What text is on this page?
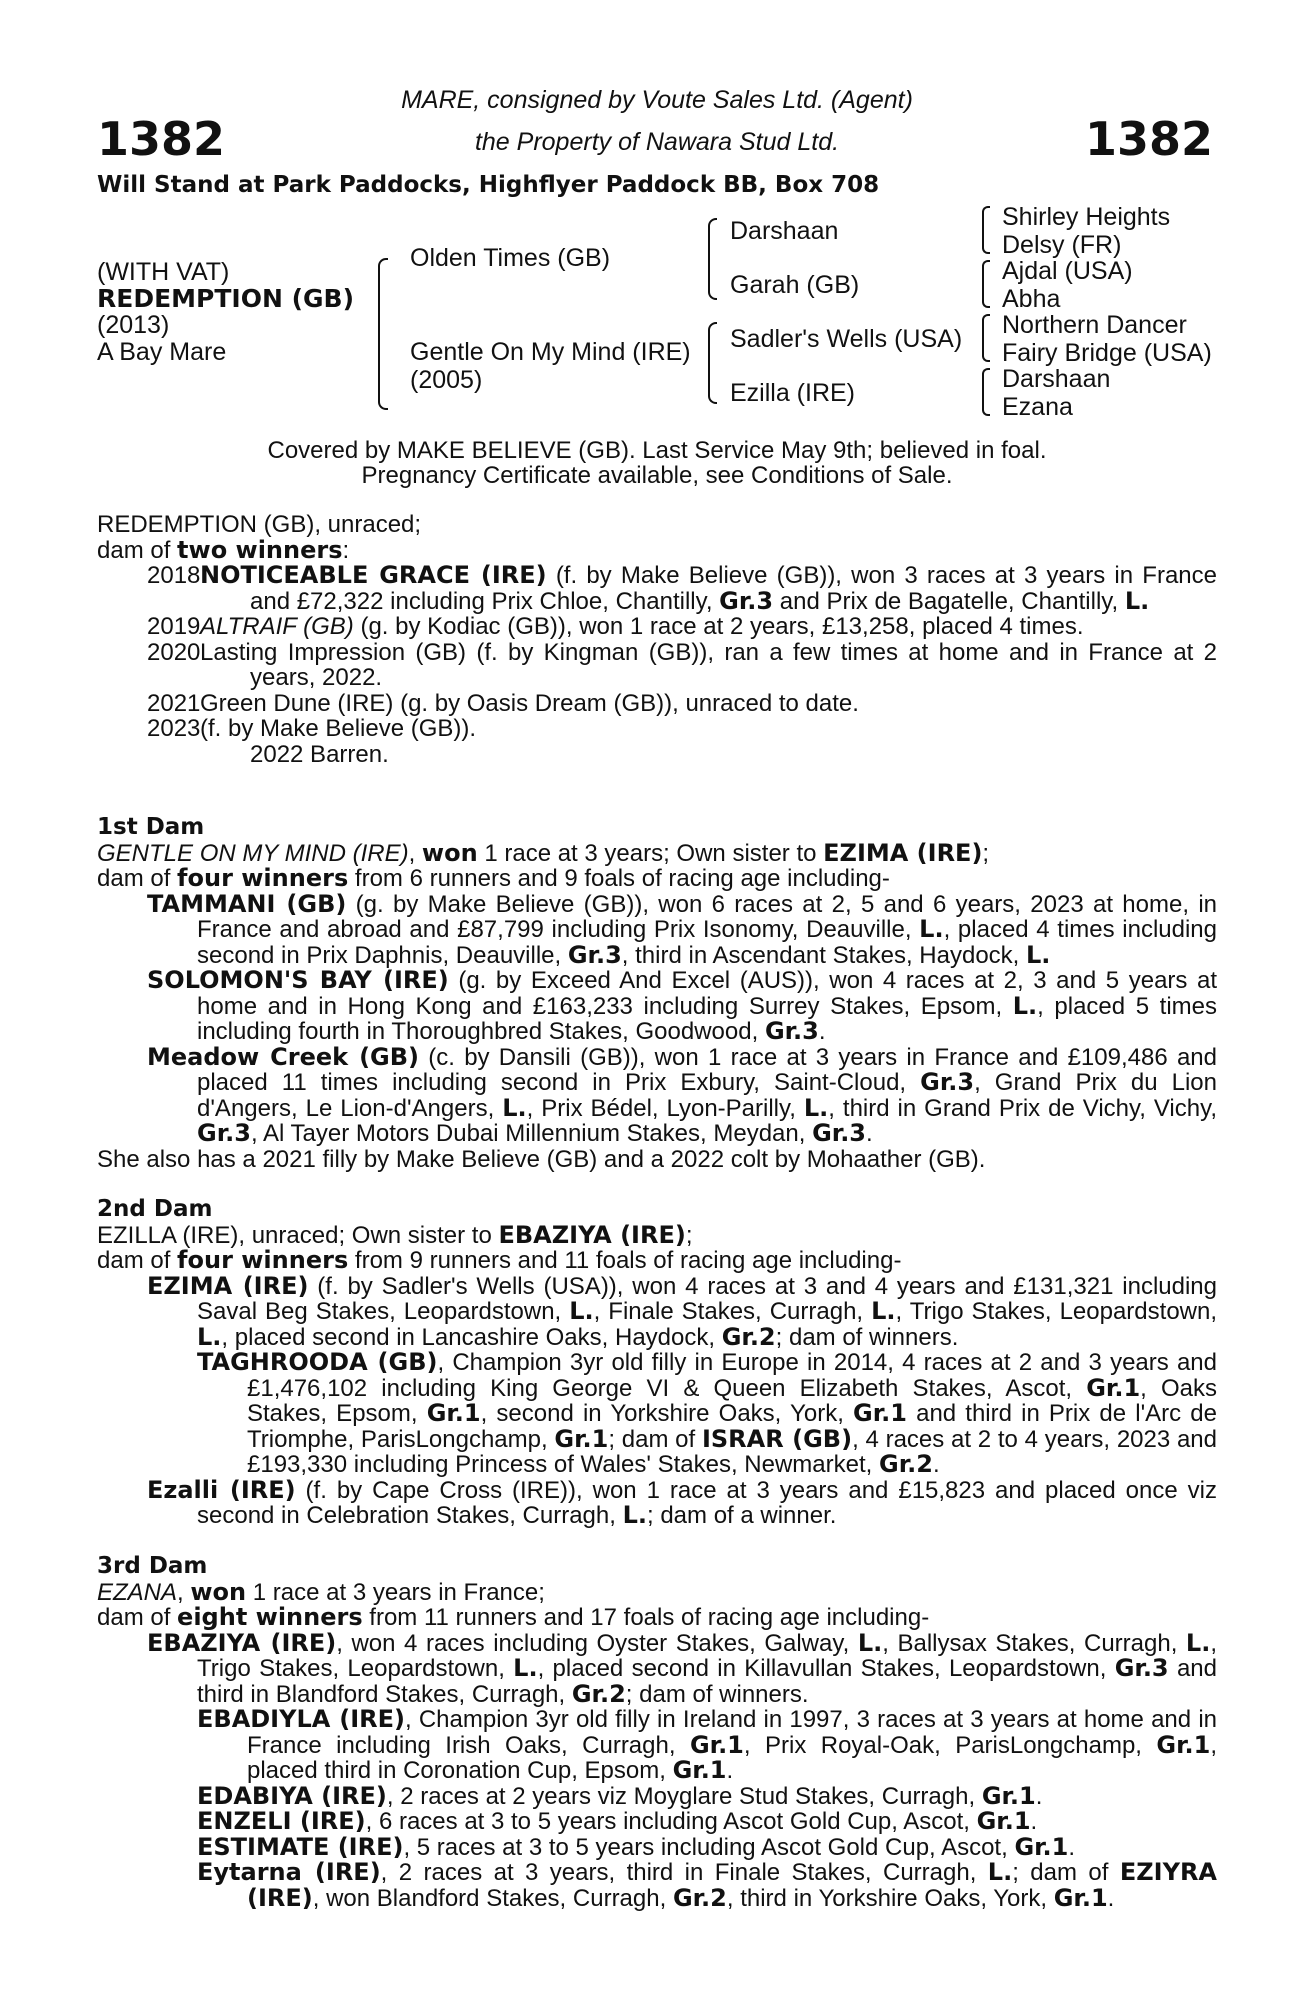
1382	1382
MARE, consigned by Voute Sales Ltd. (Agent)
the Property of Nawara Stud Ltd.
Will Stand at Park Paddocks, Highflyer Paddock BB, Box 708
(WITH VAT)
REDEMPTION (GB)
(2013)
A Bay Mare
Olden Times (GB)
Gentle On My Mind (IRE)
(2005)
Darshaan
Garah (GB)
Sadler's Wells (USA)
Ezilla (IRE)
Shirley Heights
Delsy (FR)
Ajdal (USA)
Abha
Northern Dancer
Fairy Bridge (USA)
Darshaan
Ezana
Covered by MAKE BELIEVE (GB). Last Service May 9th; believed in foal.
Pregnancy Certificate available, see Conditions of Sale.

REDEMPTION (GB), unraced;

dam of two winners:

2018 NOTICEABLE GRACE (IRE) (f. by Make Believe (GB)), won 3 races at 3 years in France and £72,322 including Prix Chloe, Chantilly, Gr.3 and Prix de Bagatelle, Chantilly, L.
2019 ALTRAIF (GB) (g. by Kodiac (GB)), won 1 race at 2 years, £13,258, placed 4 times.
2020 Lasting Impression (GB) (f. by Kingman (GB)), ran a few times at home and in France at 2 years, 2022.
2021 Green Dune (IRE) (g. by Oasis Dream (GB)), unraced to date.
2023 (f. by Make Believe (GB)).
2022 Barren.

1st Dam

GENTLE ON MY MIND (IRE), won 1 race at 3 years; Own sister to EZIMA (IRE);

dam of four winners from 6 runners and 9 foals of racing age including-

TAMMANI (GB) (g. by Make Believe (GB)), won 6 races at 2, 5 and 6 years, 2023 at home, in France and abroad and £87,799 including Prix Isonomy, Deauville, L., placed 4 times including second in Prix Daphnis, Deauville, Gr.3, third in Ascendant Stakes, Haydock, L.

SOLOMON'S BAY (IRE) (g. by Exceed And Excel (AUS)), won 4 races at 2, 3 and 5 years at home and in Hong Kong and £163,233 including Surrey Stakes, Epsom, L., placed 5 times including fourth in Thoroughbred Stakes, Goodwood, Gr.3.

Meadow Creek (GB) (c. by Dansili (GB)), won 1 race at 3 years in France and £109,486 and placed 11 times including second in Prix Exbury, Saint-Cloud, Gr.3, Grand Prix du Lion d'Angers, Le Lion-d'Angers, L., Prix Bédel, Lyon-Parilly, L., third in Grand Prix de Vichy, Vichy, Gr.3, Al Tayer Motors Dubai Millennium Stakes, Meydan, Gr.3.

She also has a 2021 filly by Make Believe (GB) and a 2022 colt by Mohaather (GB).

2nd Dam

EZILLA (IRE), unraced; Own sister to EBAZIYA (IRE);

dam of four winners from 9 runners and 11 foals of racing age including-

EZIMA (IRE) (f. by Sadler's Wells (USA)), won 4 races at 3 and 4 years and £131,321 including Saval Beg Stakes, Leopardstown, L., Finale Stakes, Curragh, L., Trigo Stakes, Leopardstown, L., placed second in Lancashire Oaks, Haydock, Gr.2; dam of winners.

TAGHROODA (GB), Champion 3yr old filly in Europe in 2014, 4 races at 2 and 3 years and £1,476,102 including King George VI & Queen Elizabeth Stakes, Ascot, Gr.1, Oaks Stakes, Epsom, Gr.1, second in Yorkshire Oaks, York, Gr.1 and third in Prix de l'Arc de Triomphe, ParisLongchamp, Gr.1; dam of ISRAR (GB), 4 races at 2 to 4 years, 2023 and £193,330 including Princess of Wales' Stakes, Newmarket, Gr.2.

Ezalli (IRE) (f. by Cape Cross (IRE)), won 1 race at 3 years and £15,823 and placed once viz second in Celebration Stakes, Curragh, L.; dam of a winner.

3rd Dam

EZANA, won 1 race at 3 years in France;

dam of eight winners from 11 runners and 17 foals of racing age including-

EBAZIYA (IRE), won 4 races including Oyster Stakes, Galway, L., Ballysax Stakes, Curragh, L., Trigo Stakes, Leopardstown, L., placed second in Killavullan Stakes, Leopardstown, Gr.3 and third in Blandford Stakes, Curragh, Gr.2; dam of winners.

EBADIYLA (IRE), Champion 3yr old filly in Ireland in 1997, 3 races at 3 years at home and in France including Irish Oaks, Curragh, Gr.1, Prix Royal-Oak, ParisLongchamp, Gr.1, placed third in Coronation Cup, Epsom, Gr.1.

EDABIYA (IRE), 2 races at 2 years viz Moyglare Stud Stakes, Curragh, Gr.1.

ENZELI (IRE), 6 races at 3 to 5 years including Ascot Gold Cup, Ascot, Gr.1.

ESTIMATE (IRE), 5 races at 3 to 5 years including Ascot Gold Cup, Ascot, Gr.1.

Eytarna (IRE), 2 races at 3 years, third in Finale Stakes, Curragh, L.; dam of EZIYRA (IRE), won Blandford Stakes, Curragh, Gr.2, third in Yorkshire Oaks, York, Gr.1.
